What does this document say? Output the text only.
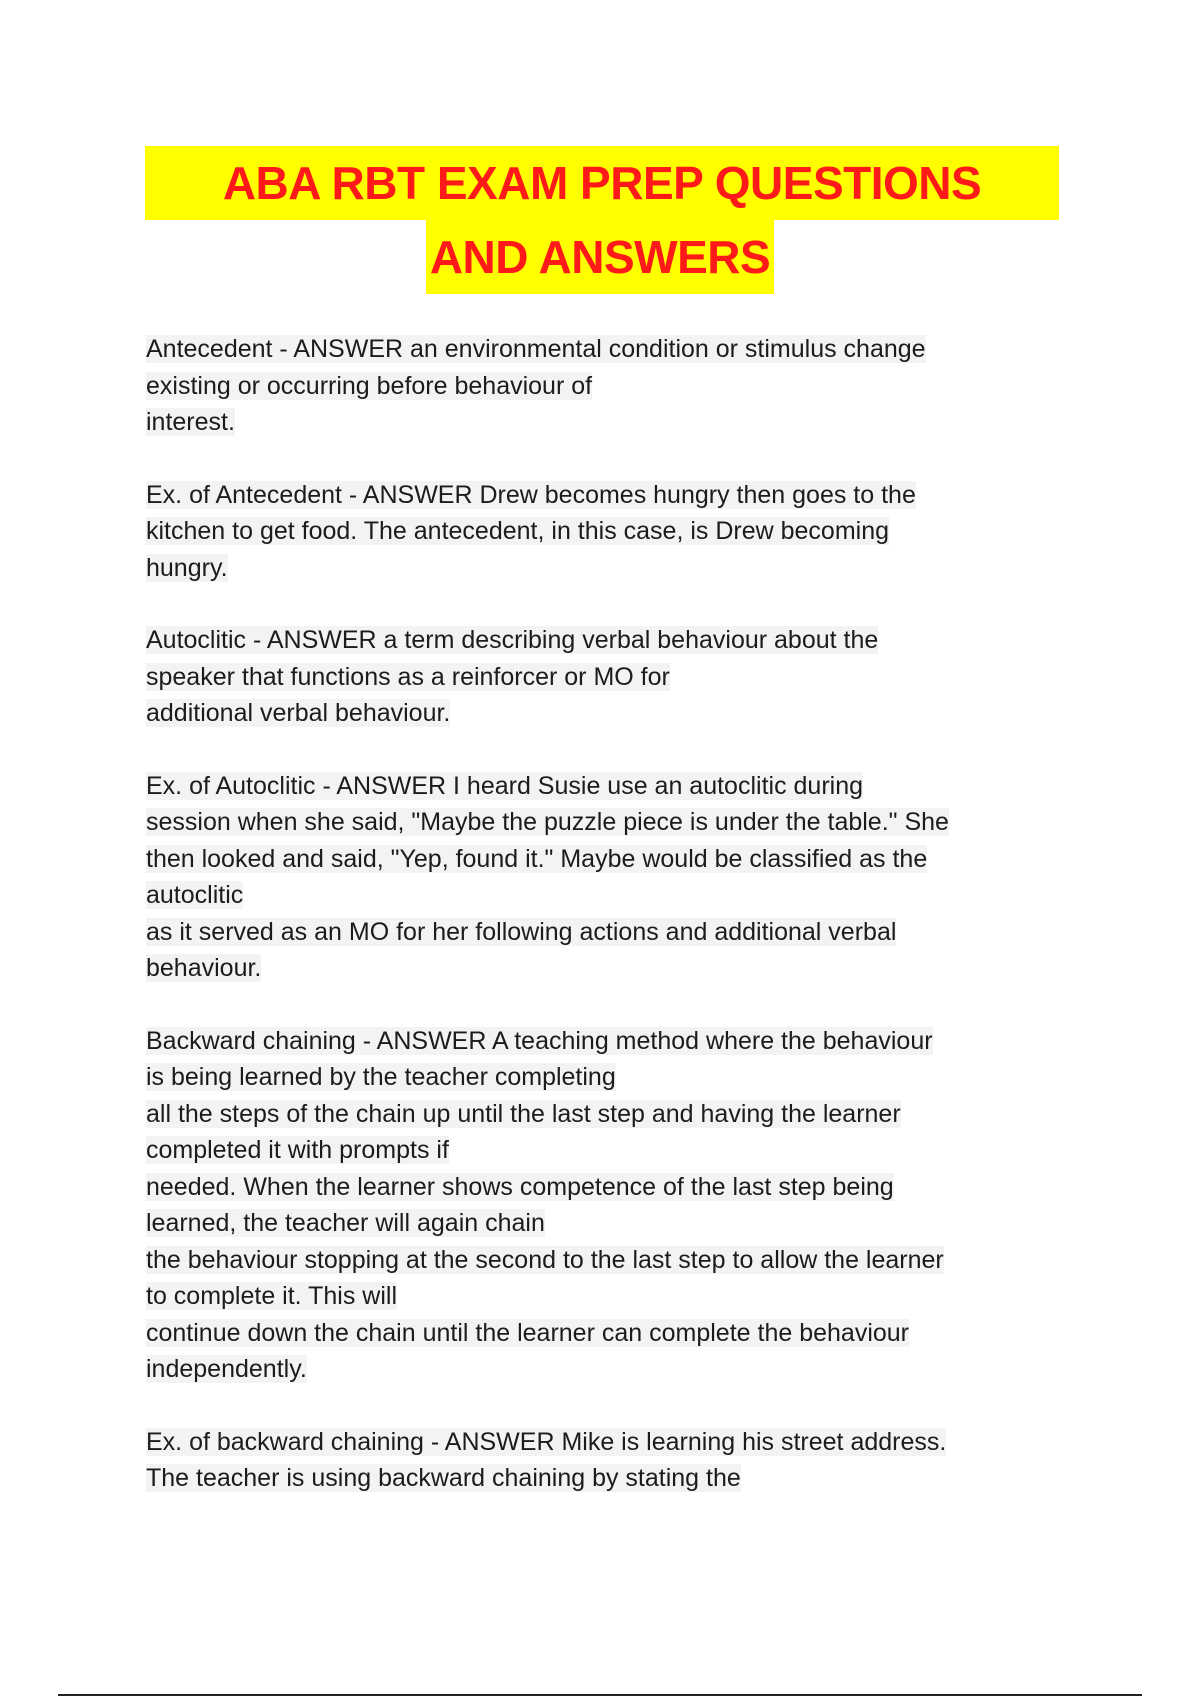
ABA RBT EXAM PREP QUESTIONS
AND ANSWERS

Antecedent - ANSWER an environmental condition or stimulus change

existing or occurring before behaviour of

interest.

Ex. of Antecedent - ANSWER Drew becomes hungry then goes to the

kitchen to get food. The antecedent, in this case, is Drew becoming

hungry.

Autoclitic - ANSWER a term describing verbal behaviour about the

speaker that functions as a reinforcer or MO for

additional verbal behaviour.

Ex. of Autoclitic - ANSWER I heard Susie use an autoclitic during

session when she said, "Maybe the puzzle piece is under the table." She

then looked and said, "Yep, found it." Maybe would be classified as the

autoclitic

as it served as an MO for her following actions and additional verbal

behaviour.

Backward chaining - ANSWER A teaching method where the behaviour

is being learned by the teacher completing

all the steps of the chain up until the last step and having the learner

completed it with prompts if

needed. When the learner shows competence of the last step being

learned, the teacher will again chain

the behaviour stopping at the second to the last step to allow the learner

to complete it. This will

continue down the chain until the learner can complete the behaviour

independently.

Ex. of backward chaining - ANSWER Mike is learning his street address.

The teacher is using backward chaining by stating the
